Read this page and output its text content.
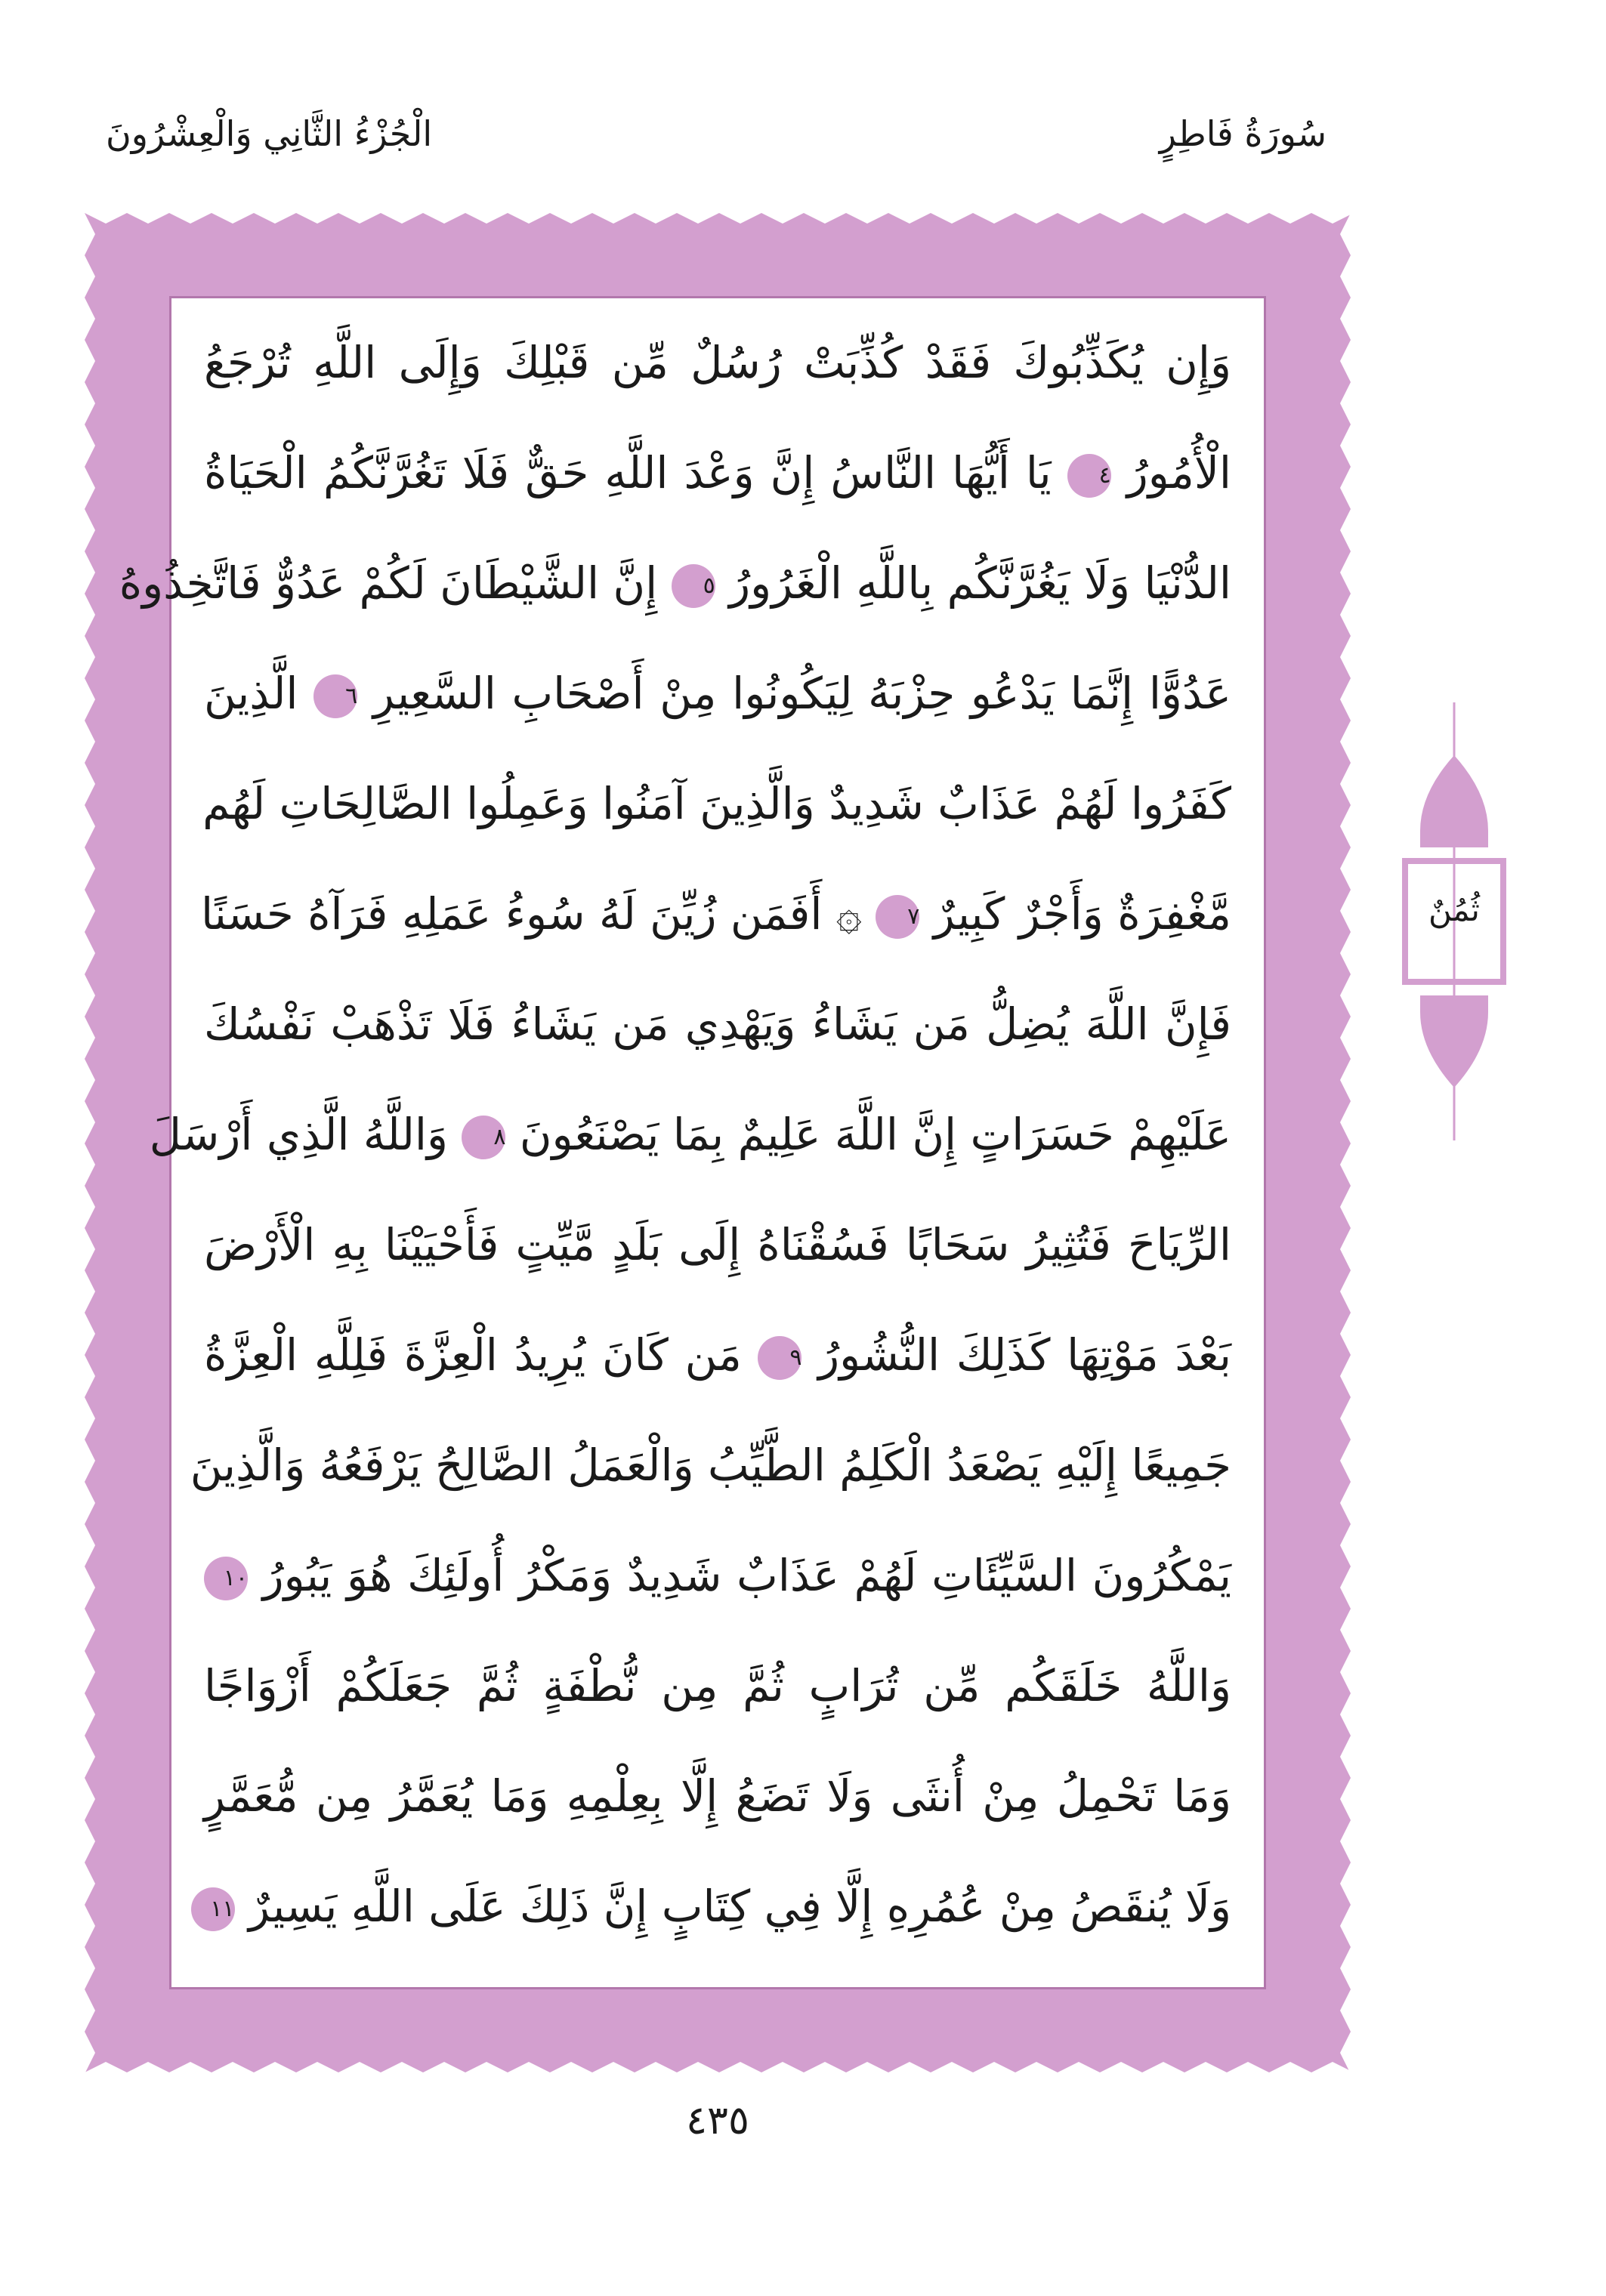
سُورَةُ فَاطِرٍ
الْجُزْءُ الثَّانِي وَالْعِشْرُونَ
وَإِن يُكَذِّبُوكَ فَقَدْ كُذِّبَتْ رُسُلٌ مِّن قَبْلِكَ وَإِلَى اللَّهِ تُرْجَعُ
الْأُمُورُ ٤ يَا أَيُّهَا النَّاسُ إِنَّ وَعْدَ اللَّهِ حَقٌّ فَلَا تَغُرَّنَّكُمُ الْحَيَاةُ
الدُّنْيَا وَلَا يَغُرَّنَّكُم بِاللَّهِ الْغَرُورُ ٥ إِنَّ الشَّيْطَانَ لَكُمْ عَدُوٌّ فَاتَّخِذُوهُ
عَدُوًّا إِنَّمَا يَدْعُو حِزْبَهُ لِيَكُونُوا مِنْ أَصْحَابِ السَّعِيرِ ٦ الَّذِينَ
كَفَرُوا لَهُمْ عَذَابٌ شَدِيدٌ وَالَّذِينَ آمَنُوا وَعَمِلُوا الصَّالِحَاتِ لَهُم
مَّغْفِرَةٌ وَأَجْرٌ كَبِيرٌ ٧ ۞ أَفَمَن زُيِّنَ لَهُ سُوءُ عَمَلِهِ فَرَآهُ حَسَنًا
فَإِنَّ اللَّهَ يُضِلُّ مَن يَشَاءُ وَيَهْدِي مَن يَشَاءُ فَلَا تَذْهَبْ نَفْسُكَ
عَلَيْهِمْ حَسَرَاتٍ إِنَّ اللَّهَ عَلِيمٌ بِمَا يَصْنَعُونَ ٨ وَاللَّهُ الَّذِي أَرْسَلَ
الرِّيَاحَ فَتُثِيرُ سَحَابًا فَسُقْنَاهُ إِلَى بَلَدٍ مَّيِّتٍ فَأَحْيَيْنَا بِهِ الْأَرْضَ
بَعْدَ مَوْتِهَا كَذَلِكَ النُّشُورُ ٩ مَن كَانَ يُرِيدُ الْعِزَّةَ فَلِلَّهِ الْعِزَّةُ
جَمِيعًا إِلَيْهِ يَصْعَدُ الْكَلِمُ الطَّيِّبُ وَالْعَمَلُ الصَّالِحُ يَرْفَعُهُ وَالَّذِينَ
يَمْكُرُونَ السَّيِّئَاتِ لَهُمْ عَذَابٌ شَدِيدٌ وَمَكْرُ أُولَئِكَ هُوَ يَبُورُ ١٠
وَاللَّهُ خَلَقَكُم مِّن تُرَابٍ ثُمَّ مِن نُّطْفَةٍ ثُمَّ جَعَلَكُمْ أَزْوَاجًا
وَمَا تَحْمِلُ مِنْ أُنثَى وَلَا تَضَعُ إِلَّا بِعِلْمِهِ وَمَا يُعَمَّرُ مِن مُّعَمَّرٍ
وَلَا يُنقَصُ مِنْ عُمُرِهِ إِلَّا فِي كِتَابٍ إِنَّ ذَلِكَ عَلَى اللَّهِ يَسِيرٌ ١١
ثُمُنٌ
٤٣٥
